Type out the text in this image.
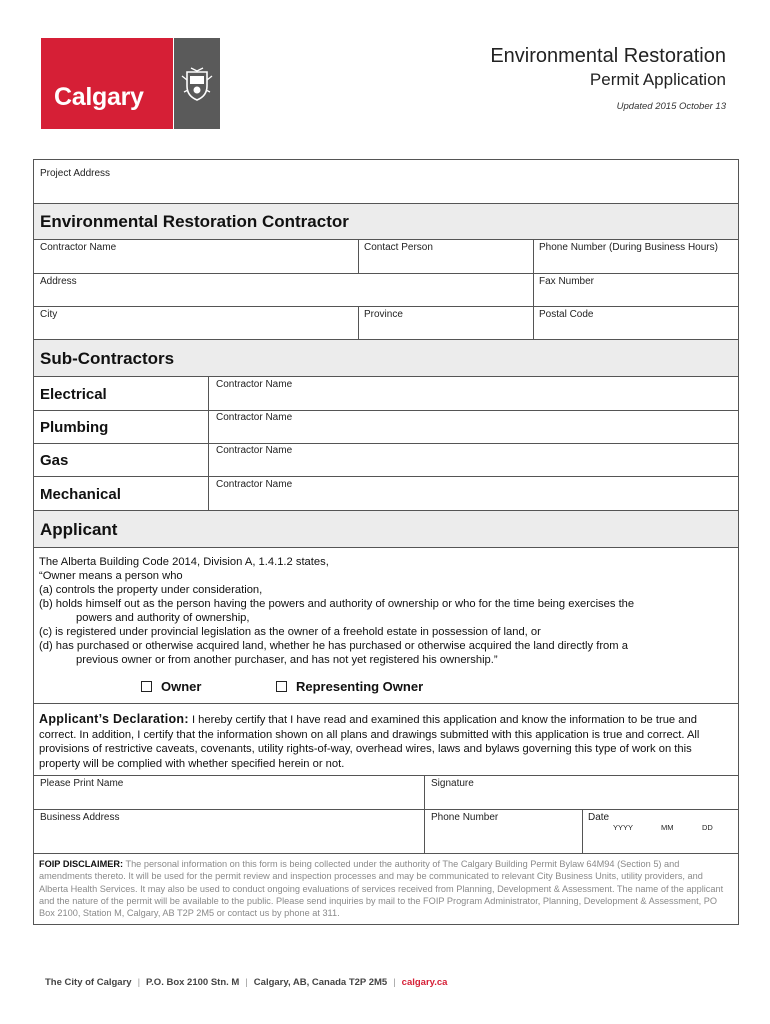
Calgary
Environmental Restoration
Permit Application
Updated 2015 October 13
Project Address
Environmental Restoration Contractor
Contractor Name	Contact Person	Phone Number (During Business Hours)
Address	Fax Number
City	Province	Postal Code
Sub-Contractors
Electrical
Contractor Name
Plumbing
Contractor Name
Gas
Contractor Name
Mechanical
Contractor Name
Applicant
The Alberta Building Code 2014, Division A, 1.4.1.2 states,
“Owner means a person who
(a) controls the property under consideration,
(b) holds himself out as the person having the powers and authority of ownership or who for the time being exercises the
powers and authority of ownership,
(c) is registered under provincial legislation as the owner of a freehold estate in possession of land, or
(d) has purchased or otherwise acquired land, whether he has purchased or otherwise acquired the land directly from a
previous owner or from another purchaser, and has not yet registered his ownership.”
Owner	Representing Owner
Applicant’s Declaration: I hereby certify that I have read and examined this application and know the information to be true and correct. In addition, I certify that the information shown on all plans and drawings submitted with this application is true and correct. All provisions of restrictive caveats, covenants, utility rights-of-way, overhead wires, laws and bylaws governing this type of work on this property will be complied with whether specified herein or not.
Please Print Name	Signature
Business Address	Phone Number	Date
YYYY	MM	DD
FOIP DISCLAIMER: The personal information on this form is being collected under the authority of The Calgary Building Permit Bylaw 64M94 (Section 5) and amendments thereto. It will be used for the permit review and inspection processes and may be communicated to relevant City Business Units, utility providers, and Alberta Health Services. It may also be used to conduct ongoing evaluations of services received from Planning, Development & Assessment. The name of the applicant and the nature of the permit will be available to the public. Please send inquiries by mail to the FOIP Program Administrator, Planning, Development & Assessment, PO Box 2100, Station M, Calgary, AB T2P 2M5 or contact us by phone at 311.
The City of Calgary | P.O. Box 2100 Stn. M | Calgary, AB, Canada T2P 2M5 | calgary.ca
